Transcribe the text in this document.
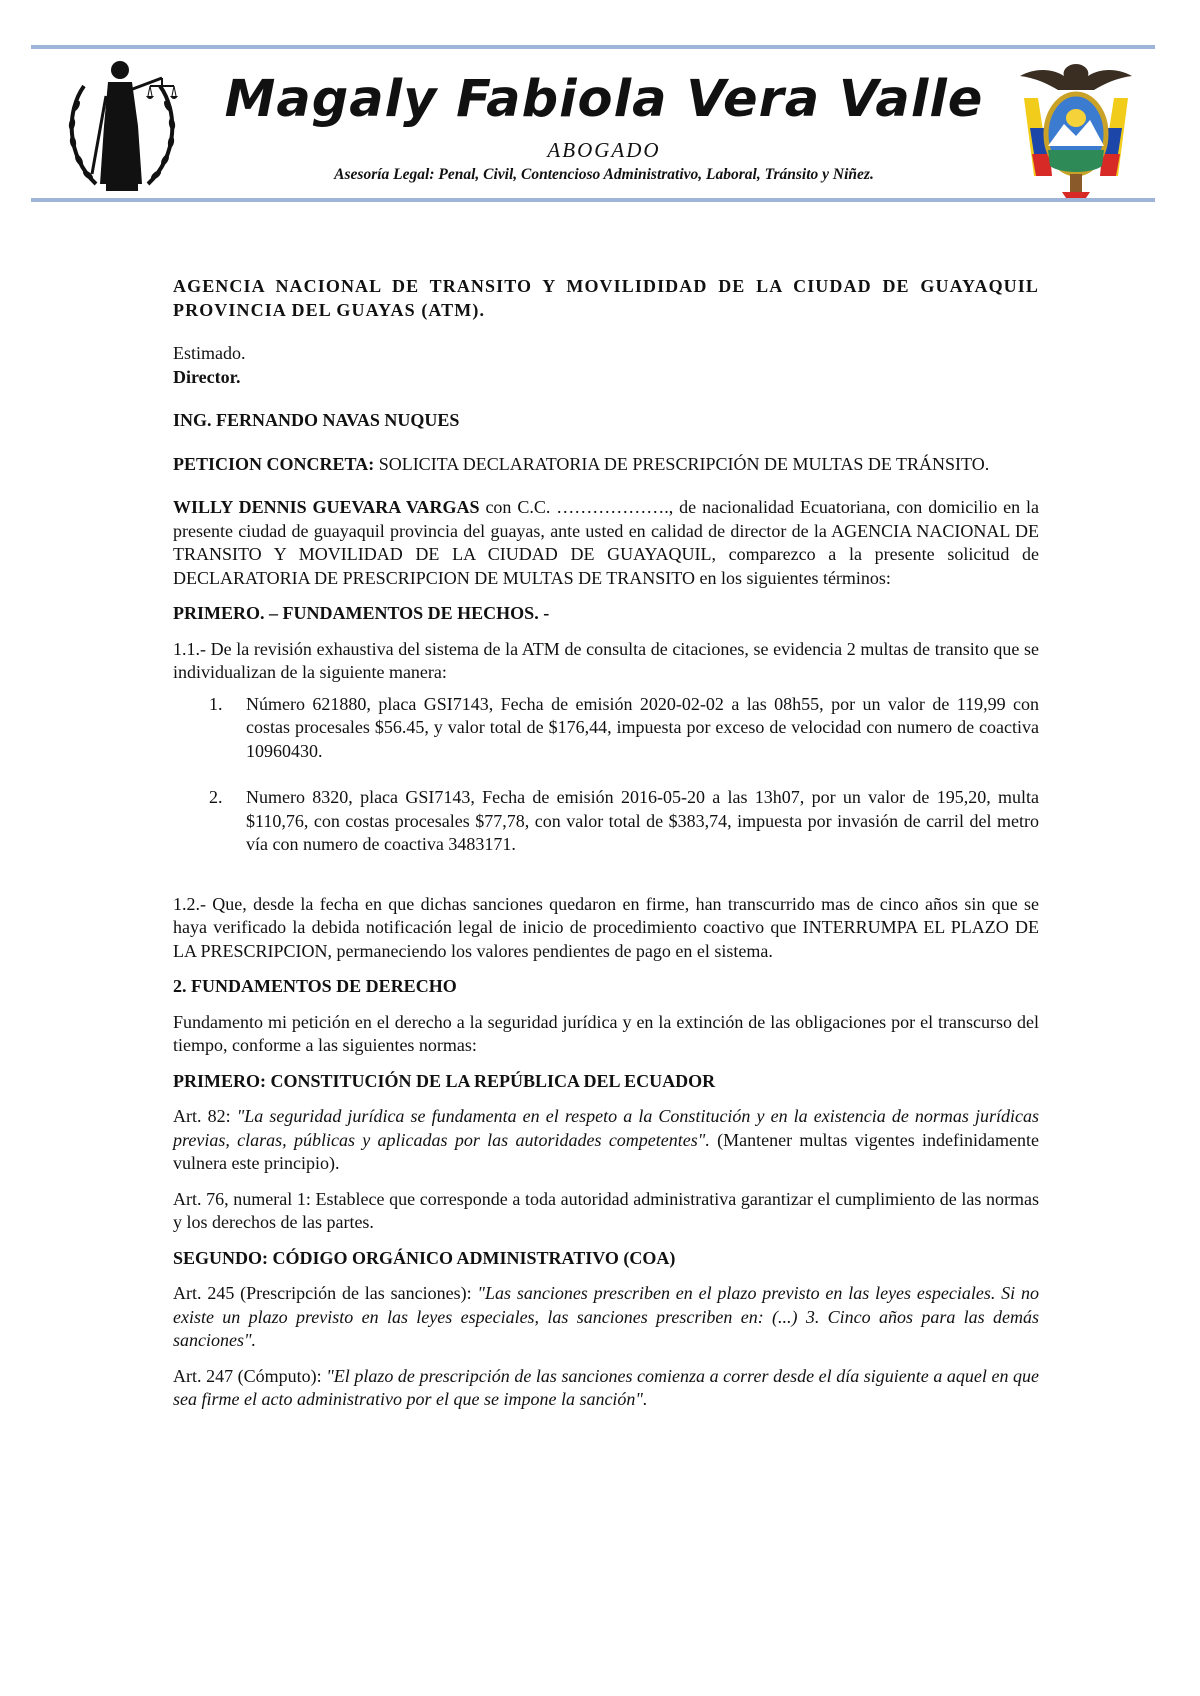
Magaly Fabiola Vera Valle
ABOGADO
Asesoría Legal: Penal, Civil, Contencioso Administrativo, Laboral, Tránsito y Niñez.

AGENCIA NACIONAL DE TRANSITO Y MOVILIDIDAD DE LA CIUDAD DE GUAYAQUIL PROVINCIA DEL GUAYAS (ATM).

Estimado.

Director.

ING. FERNANDO NAVAS NUQUES

PETICION CONCRETA: SOLICITA DECLARATORIA DE PRESCRIPCIÓN DE MULTAS DE TRÁNSITO.

WILLY DENNIS GUEVARA VARGAS con C.C. ………………., de nacionalidad Ecuatoriana, con domicilio en la presente ciudad de guayaquil provincia del guayas, ante usted en calidad de director de la AGENCIA NACIONAL DE TRANSITO Y MOVILIDAD DE LA CIUDAD DE GUAYAQUIL, comparezco a la presente solicitud de DECLARATORIA DE PRESCRIPCION DE MULTAS DE TRANSITO en los siguientes términos:

PRIMERO. – FUNDAMENTOS DE HECHOS. -

1.1.- De la revisión exhaustiva del sistema de la ATM de consulta de citaciones, se evidencia 2 multas de transito que se individualizan de la siguiente manera:

1. Número 621880, placa GSI7143, Fecha de emisión 2020-02-02 a las 08h55, por un valor de 119,99 con costas procesales $56.45, y valor total de $176,44, impuesta por exceso de velocidad con numero de coactiva 10960430.
2. Numero 8320, placa GSI7143, Fecha de emisión 2016-05-20 a las 13h07, por un valor de 195,20, multa $110,76, con costas procesales $77,78, con valor total de $383,74, impuesta por invasión de carril del metro vía con numero de coactiva 3483171.

1.2.- Que, desde la fecha en que dichas sanciones quedaron en firme, han transcurrido mas de cinco años sin que se haya verificado la debida notificación legal de inicio de procedimiento coactivo que INTERRUMPA EL PLAZO DE LA PRESCRIPCION, permaneciendo los valores pendientes de pago en el sistema.

2. FUNDAMENTOS DE DERECHO

Fundamento mi petición en el derecho a la seguridad jurídica y en la extinción de las obligaciones por el transcurso del tiempo, conforme a las siguientes normas:

PRIMERO: CONSTITUCIÓN DE LA REPÚBLICA DEL ECUADOR

Art. 82: "La seguridad jurídica se fundamenta en el respeto a la Constitución y en la existencia de normas jurídicas previas, claras, públicas y aplicadas por las autoridades competentes". (Mantener multas vigentes indefinidamente vulnera este principio).

Art. 76, numeral 1: Establece que corresponde a toda autoridad administrativa garantizar el cumplimiento de las normas y los derechos de las partes.

SEGUNDO: CÓDIGO ORGÁNICO ADMINISTRATIVO (COA)

Art. 245 (Prescripción de las sanciones): "Las sanciones prescriben en el plazo previsto en las leyes especiales. Si no existe un plazo previsto en las leyes especiales, las sanciones prescriben en: (...) 3. Cinco años para las demás sanciones".

Art. 247 (Cómputo): "El plazo de prescripción de las sanciones comienza a correr desde el día siguiente a aquel en que sea firme el acto administrativo por el que se impone la sanción".
